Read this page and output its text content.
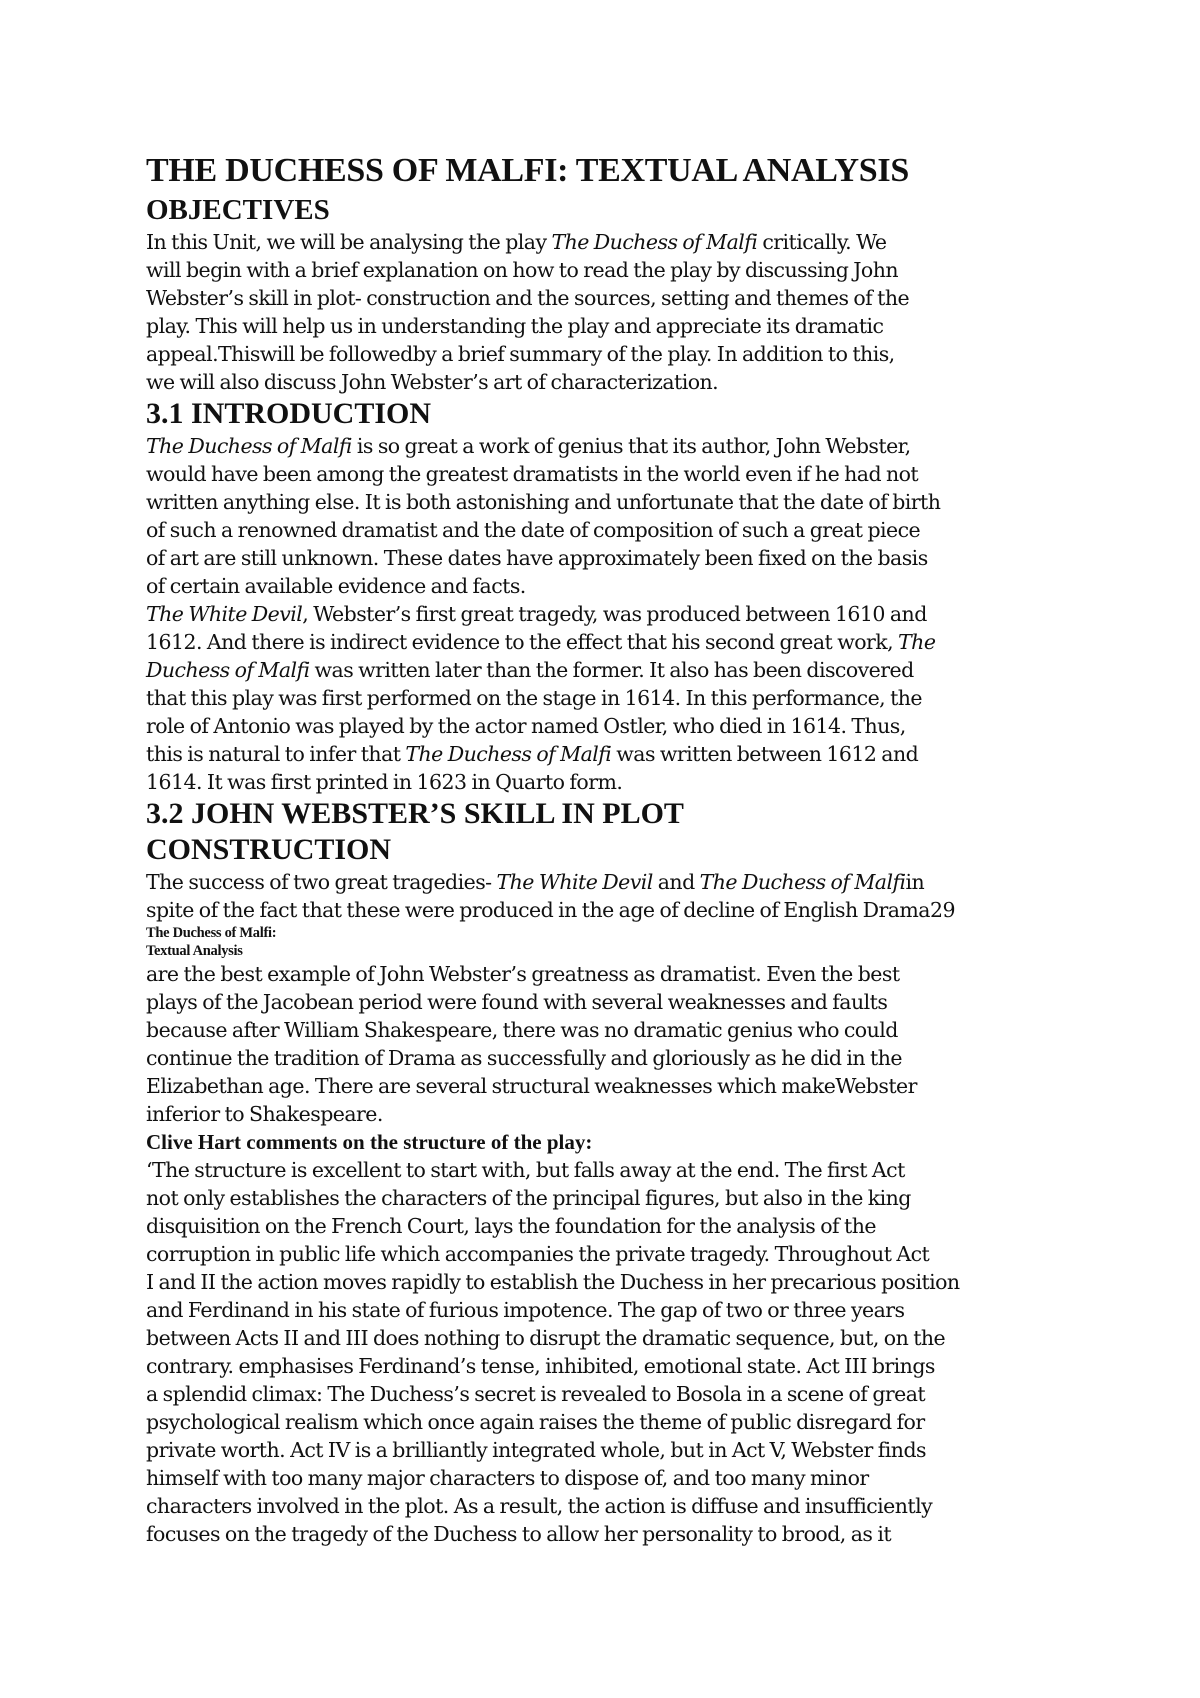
THE DUCHESS OF MALFI: TEXTUAL ANALYSIS
OBJECTIVES

In this Unit, we will be analysing the play The Duchess of Malfi critically. We
will begin with a brief explanation on how to read the play by discussing John
Webster’s skill in plot- construction and the sources, setting and themes of the
play. This will help us in understanding the play and appreciate its dramatic
appeal.Thiswill be followedby a brief summary of the play. In addition to this,
we will also discuss John Webster’s art of characterization.

3.1 INTRODUCTION

The Duchess of Malfi is so great a work of genius that its author, John Webster,
would have been among the greatest dramatists in the world even if he had not
written anything else. It is both astonishing and unfortunate that the date of birth
of such a renowned dramatist and the date of composition of such a great piece
of art are still unknown. These dates have approximately been fixed on the basis
of certain available evidence and facts.
The White Devil, Webster’s first great tragedy, was produced between 1610 and
1612. And there is indirect evidence to the effect that his second great work, The
Duchess of Malfi was written later than the former. It also has been discovered
that this play was first performed on the stage in 1614. In this performance, the
role of Antonio was played by the actor named Ostler, who died in 1614. Thus,
this is natural to infer that The Duchess of Malfi was written between 1612 and
1614. It was first printed in 1623 in Quarto form.

3.2 JOHN WEBSTER’S SKILL IN PLOT
CONSTRUCTION

The success of two great tragedies- The White Devil and The Duchess of Malfiin
spite of the fact that these were produced in the age of decline of English Drama29

The Duchess of Malfi:
Textual Analysis

are the best example of John Webster’s greatness as dramatist. Even the best
plays of the Jacobean period were found with several weaknesses and faults
because after William Shakespeare, there was no dramatic genius who could
continue the tradition of Drama as successfully and gloriously as he did in the
Elizabethan age. There are several structural weaknesses which makeWebster
inferior to Shakespeare.

Clive Hart comments on the structure of the play:

‘The structure is excellent to start with, but falls away at the end. The first Act
not only establishes the characters of the principal figures, but also in the king
disquisition on the French Court, lays the foundation for the analysis of the
corruption in public life which accompanies the private tragedy. Throughout Act
I and II the action moves rapidly to establish the Duchess in her precarious position
and Ferdinand in his state of furious impotence. The gap of two or three years
between Acts II and III does nothing to disrupt the dramatic sequence, but, on the
contrary. emphasises Ferdinand’s tense, inhibited, emotional state. Act III brings
a splendid climax: The Duchess’s secret is revealed to Bosola in a scene of great
psychological realism which once again raises the theme of public disregard for
private worth. Act IV is a brilliantly integrated whole, but in Act V, Webster finds
himself with too many major characters to dispose of, and too many minor
characters involved in the plot. As a result, the action is diffuse and insufficiently
focuses on the tragedy of the Duchess to allow her personality to brood, as it
